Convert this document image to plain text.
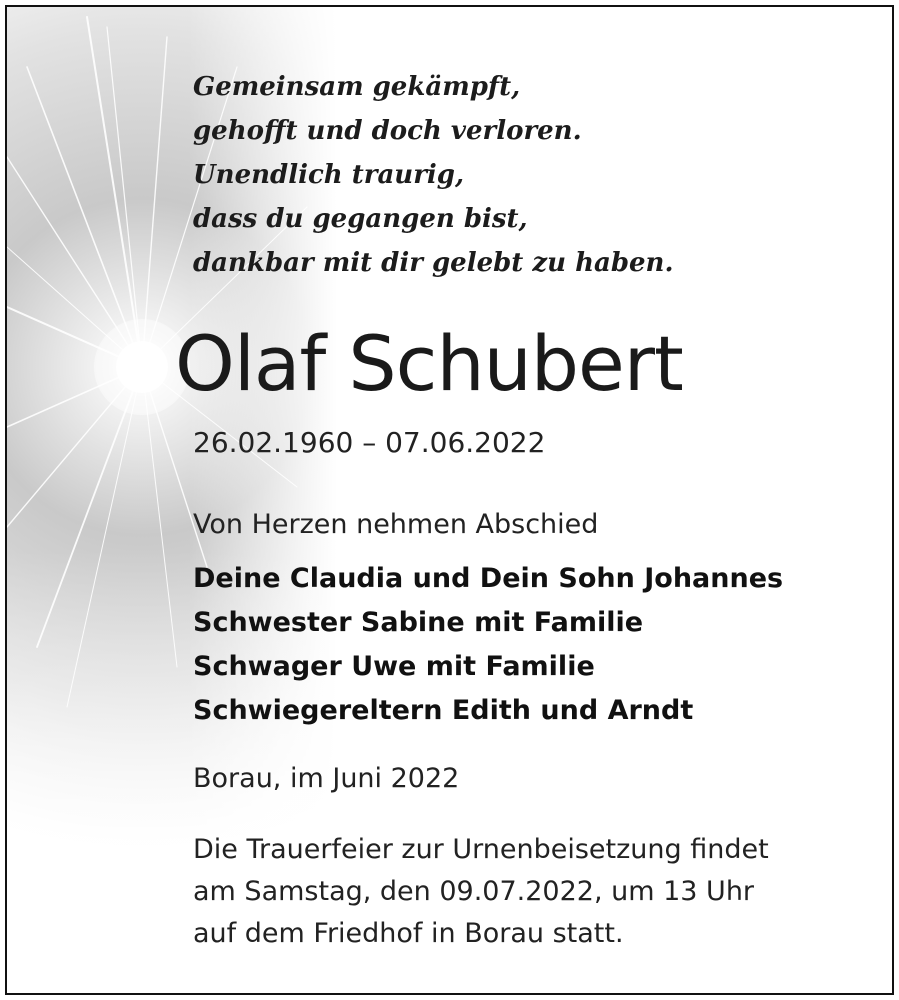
Gemeinsam gekämpft,
gehofft und doch verloren.
Unendlich traurig,
dass du gegangen bist,
dankbar mit dir gelebt zu haben.
Olaf Schubert
26.02.1960 – 07.06.2022
Von Herzen nehmen Abschied
Deine Claudia und Dein Sohn Johannes
Schwester Sabine mit Familie
Schwager Uwe mit Familie
Schwiegereltern Edith und Arndt
Borau, im Juni 2022
Die Trauerfeier zur Urnenbeisetzung findet
am Samstag, den 09.07.2022, um 13 Uhr
auf dem Friedhof in Borau statt.
